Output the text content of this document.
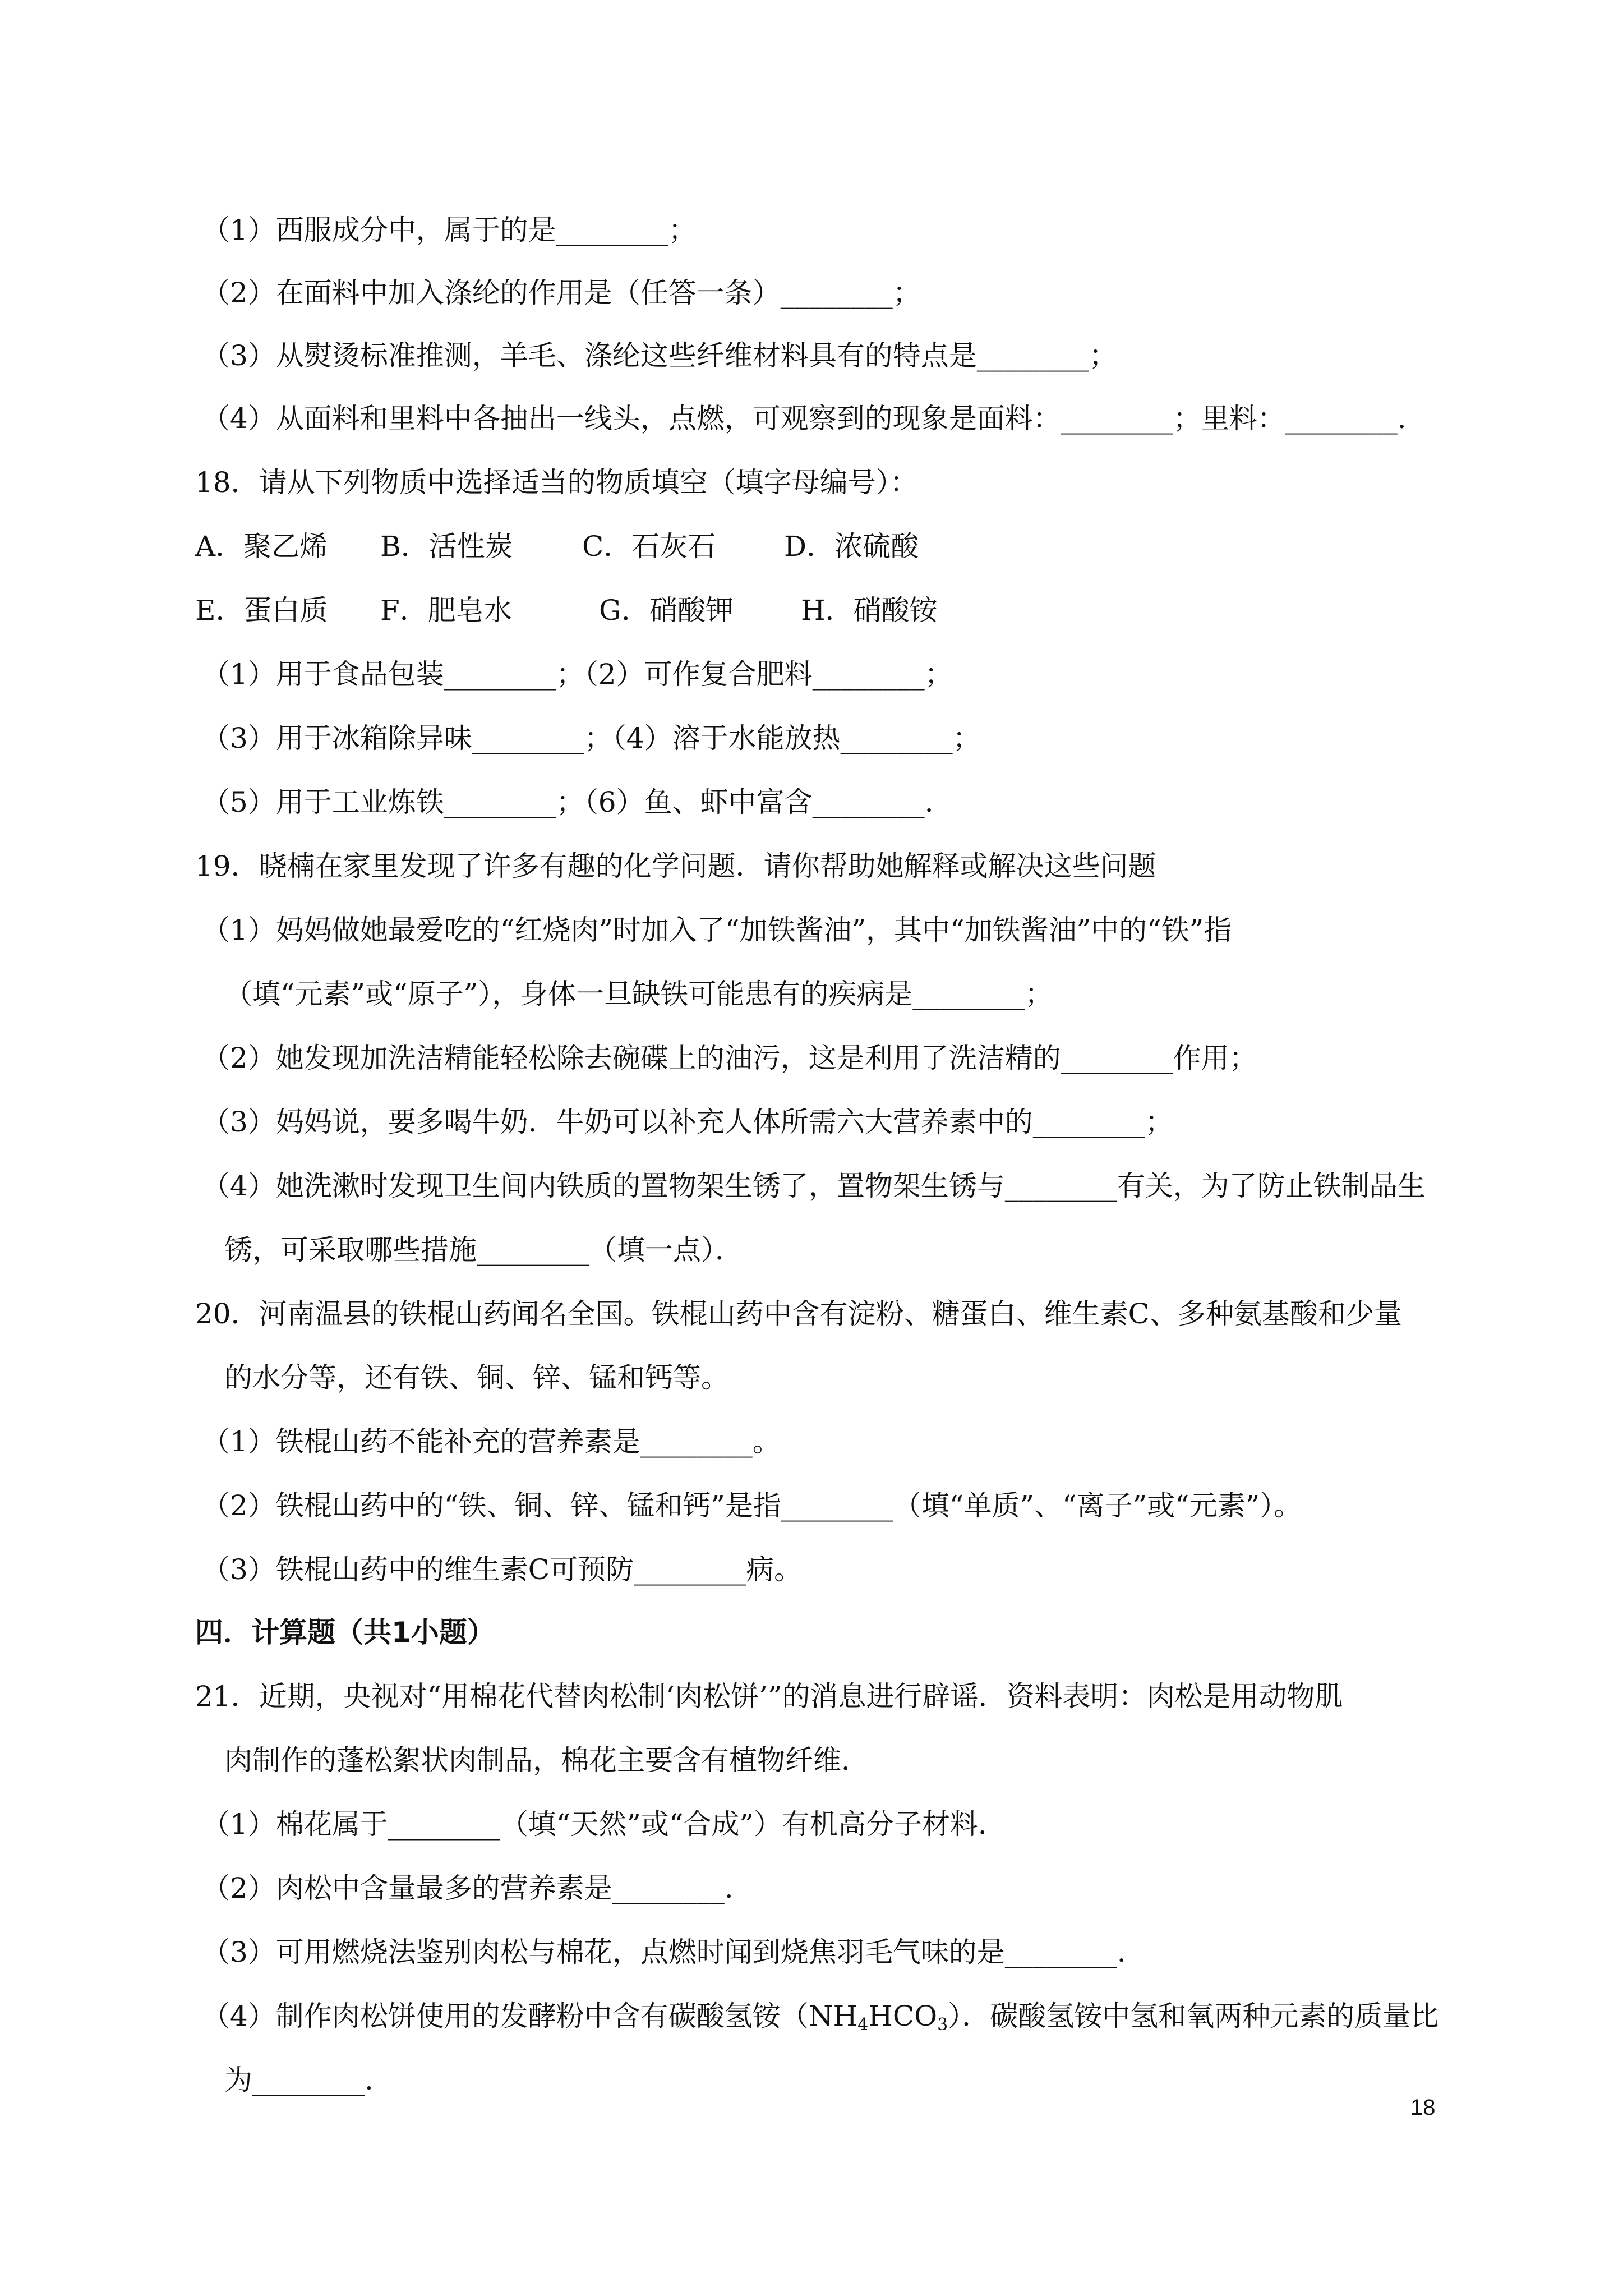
（1）西服成分中，属于的是________；
（2）在面料中加入涤纶的作用是（任答一条）________；
（3）从熨烫标准推测，羊毛、涤纶这些纤维材料具有的特点是________；
（4）从面料和里料中各抽出一线头，点燃，可观察到的现象是面料：________；里料：________.
18．请从下列物质中选择适当的物质填空（填字母编号）：
A．聚乙烯 B．活性炭 C．石灰石 D．浓硫酸
E．蛋白质 F．肥皂水	G．硝酸钾 H．硝酸铵
（1）用于食品包装________；（2）可作复合肥料________；
（3）用于冰箱除异味________；（4）溶于水能放热________；
（5）用于工业炼铁________；（6）鱼、虾中富含________.
19．晓楠在家里发现了许多有趣的化学问题．请你帮助她解释或解决这些问题
（1）妈妈做她最爱吃的“红烧肉”时加入了“加铁酱油”，其中“加铁酱油”中的“铁”指
（填“元素”或“原子”），身体一旦缺铁可能患有的疾病是________；
（2）她发现加洗洁精能轻松除去碗碟上的油污，这是利用了洗洁精的________作用；
（3）妈妈说，要多喝牛奶．牛奶可以补充人体所需六大营养素中的________；
（4）她洗漱时发现卫生间内铁质的置物架生锈了，置物架生锈与________有关，为了防止铁制品生
锈，可采取哪些措施________（填一点）．
20．河南温县的铁棍山药闻名全国。铁棍山药中含有淀粉、糖蛋白、维生素C、多种氨基酸和少量
的水分等，还有铁、铜、锌、锰和钙等。
（1）铁棍山药不能补充的营养素是________。
（2）铁棍山药中的“铁、铜、锌、锰和钙”是指________（填“单质”、“离子”或“元素”）。
（3）铁棍山药中的维生素C可预防________病。
四．计算题（共1小题）
21．近期，央视对“用棉花代替肉松制‘肉松饼’”的消息进行辟谣．资料表明：肉松是用动物肌
肉制作的蓬松絮状肉制品，棉花主要含有植物纤维．
（1）棉花属于________（填“天然”或“合成”）有机高分子材料．
（2）肉松中含量最多的营养素是________.
（3）可用燃烧法鉴别肉松与棉花，点燃时闻到烧焦羽毛气味的是________.
（4）制作肉松饼使用的发酵粉中含有碳酸氢铵$(NH_4HCO_3)$．碳酸氢铵中氢和氧两种元素的质量比
为________.
18
